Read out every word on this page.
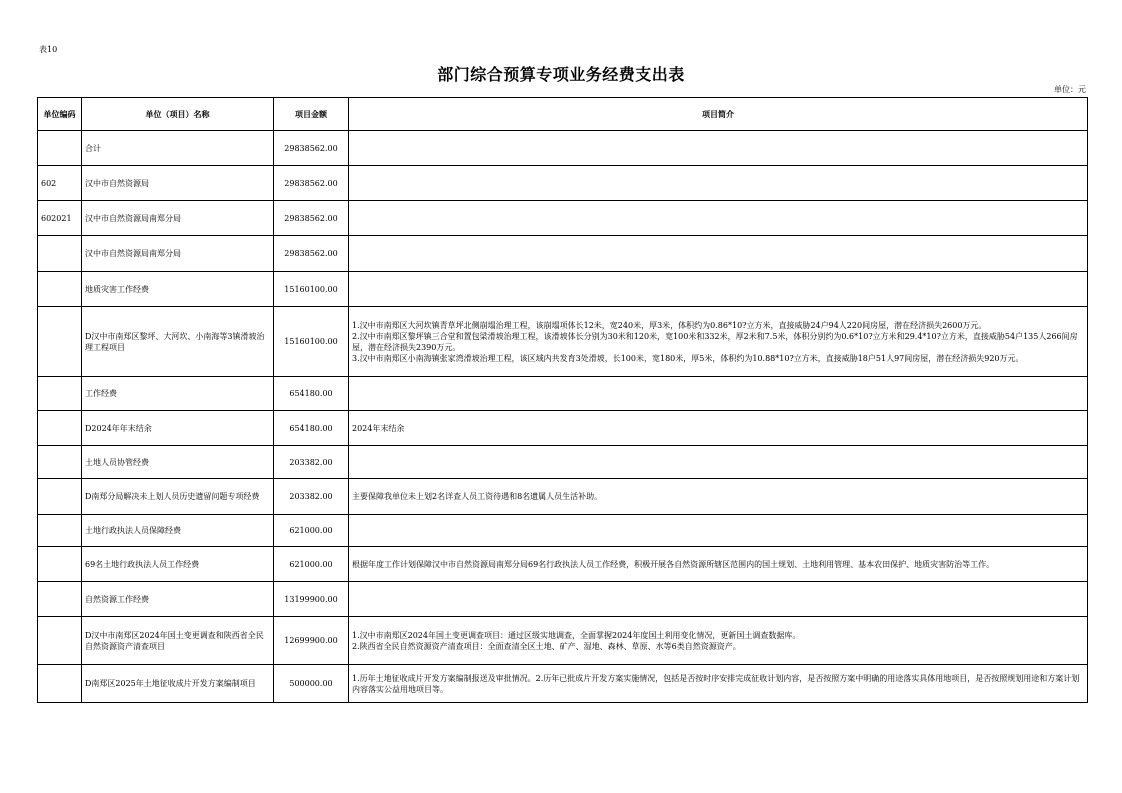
表10
部门综合预算专项业务经费支出表
单位：元
单位编码	单位（项目）名称	项目金额	项目简介
	合计	29838562.00	
602	汉中市自然资源局	29838562.00	
602021	汉中市自然资源局南郑分局	29838562.00	
	汉中市自然资源局南郑分局	29838562.00	
	地质灾害工作经费	15160100.00	
	D汉中市南郑区黎坪、大河坎、小南海等3镇滑坡治理工程项目	15160100.00	1.汉中市南郑区大河坎镇青草坪北侧崩塌治理工程，该崩塌项体长12米，宽240米，厚3米，体积约为0.86*10?立方米，直接威胁24户94人220间房屋，潜在经济损失2600万元。
2.汉中市南郑区黎坪镇三合堂和置包梁滑坡治理工程，该滑坡体长分别为30米和120米，宽100米和332米，厚2米和7.5米，体积分别约为0.6*10?立方米和29.4*10?立方米，直接威胁54户135人266间房屋，潜在经济损失2390万元。
3.汉中市南郑区小南海镇张家湾滑坡治理工程，该区域内共发育3处滑坡，长100米，宽180米，厚5米，体积约为10.88*10?立方米，直接威胁18户51人97间房屋，潜在经济损失920万元。
	工作经费	654180.00	
	D2024年年末结余	654180.00	2024年末结余
	土地人员协管经费	203382.00	
	D南郑分局解决未上划人员历史遗留问题专项经费	203382.00	主要保障我单位未上划2名详查人员工资待遇和8名遗属人员生活补助。
	土地行政执法人员保障经费	621000.00	
	69名土地行政执法人员工作经费	621000.00	根据年度工作计划保障汉中市自然资源局南郑分局69名行政执法人员工作经费，积极开展各自然资源所辖区范围内的国土规划、土地利用管理、基本农田保护、地质灾害防治等工作。
	自然资源工作经费	13199900.00	
	D汉中市南郑区2024年国土变更调查和陕西省全民自然资源资产清查项目	12699900.00	1.汉中市南郑区2024年国土变更调查项目：通过区级实地调查，全面掌握2024年度国土利用变化情况，更新国土调查数据库。
2.陕西省全民自然资源资产清查项目：全面查清全区土地、矿产、湿地、森林、草原、水等6类自然资源资产。
	D南郑区2025年土地征收成片开发方案编制项目	500000.00	1.历年土地征收成片开发方案编制报送及审批情况。2.历年已批成片开发方案实施情况，包括是否按时序安排完成征收计划内容，是否按照方案中明确的用途落实具体用地项目，是否按照规划用途和方案计划内容落实公益用地项目等。
